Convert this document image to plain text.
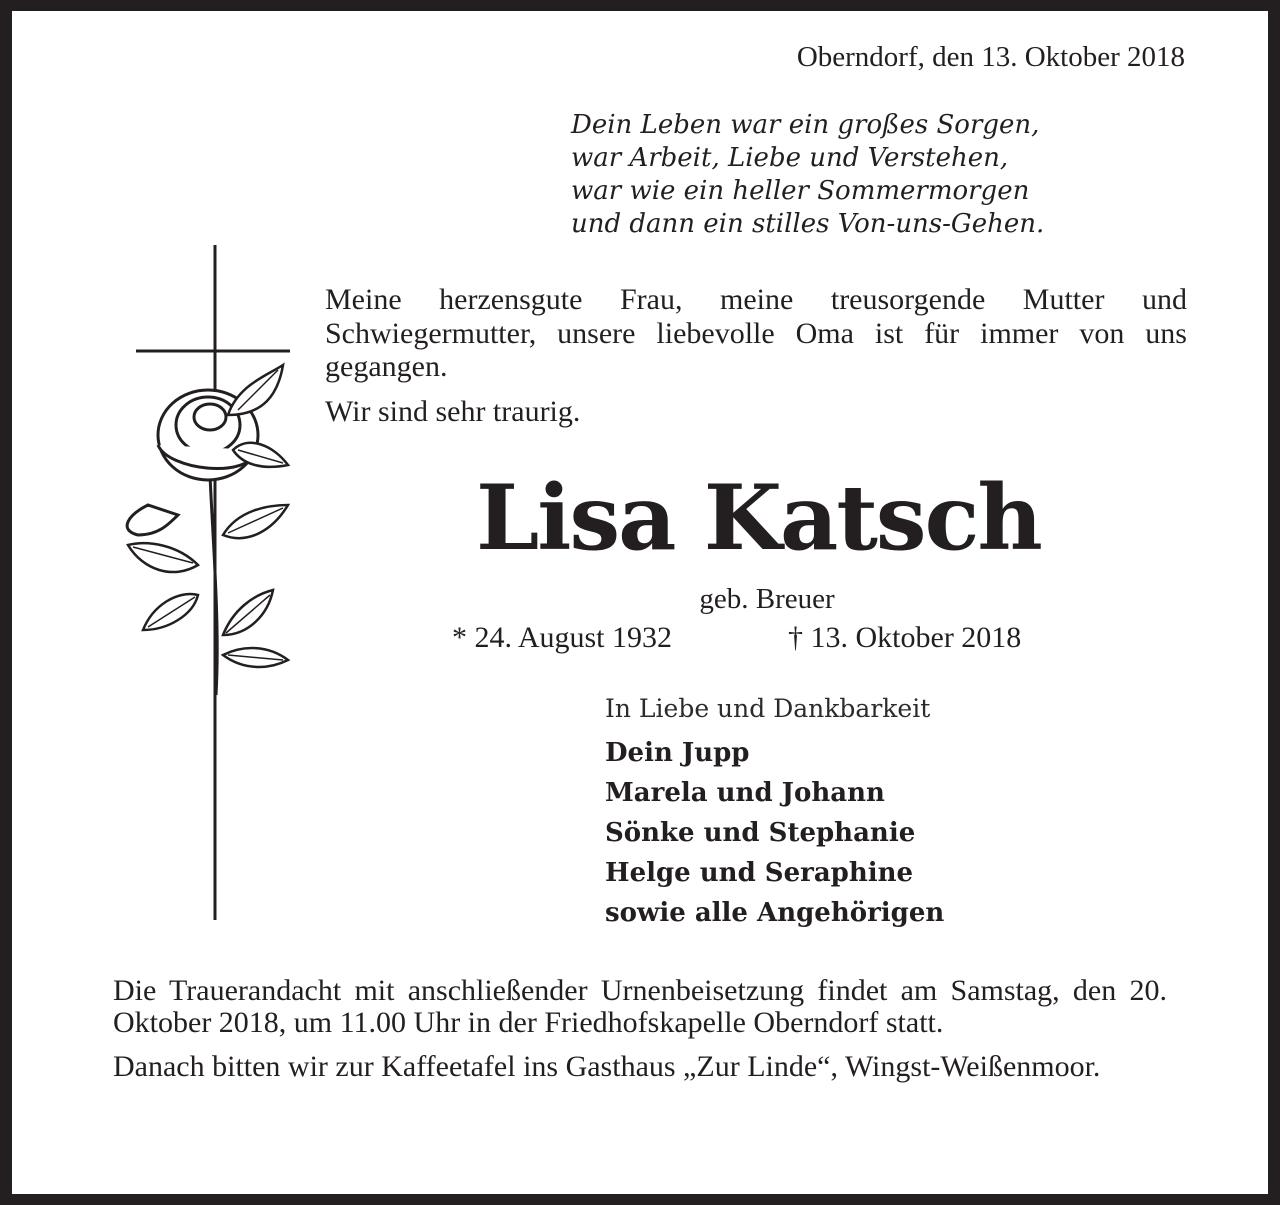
Oberndorf, den 13. Oktober 2018
Dein Leben war ein großes Sorgen,
war Arbeit, Liebe und Verstehen,
war wie ein heller Sommermorgen
und dann ein stilles Von-uns-Gehen.

Meine herzensgute Frau, meine treusorgende Mutter und Schwiegermutter, unsere liebevolle Oma ist für immer von uns gegangen.

Wir sind sehr traurig.
Lisa Katsch
geb. Breuer
* 24. August 1932	† 13. Oktober 2018
In Liebe und Dankbarkeit
Dein Jupp
Marela und Johann
Sönke und Stephanie
Helge und Seraphine
sowie alle Angehörigen

Die Trauerandacht mit anschließender Urnenbeisetzung findet am Samstag, den 20. Oktober 2018, um 11.00 Uhr in der Friedhofskapelle Oberndorf statt.

Danach bitten wir zur Kaffeetafel ins Gasthaus „Zur Linde“, Wingst-Weißenmoor.
